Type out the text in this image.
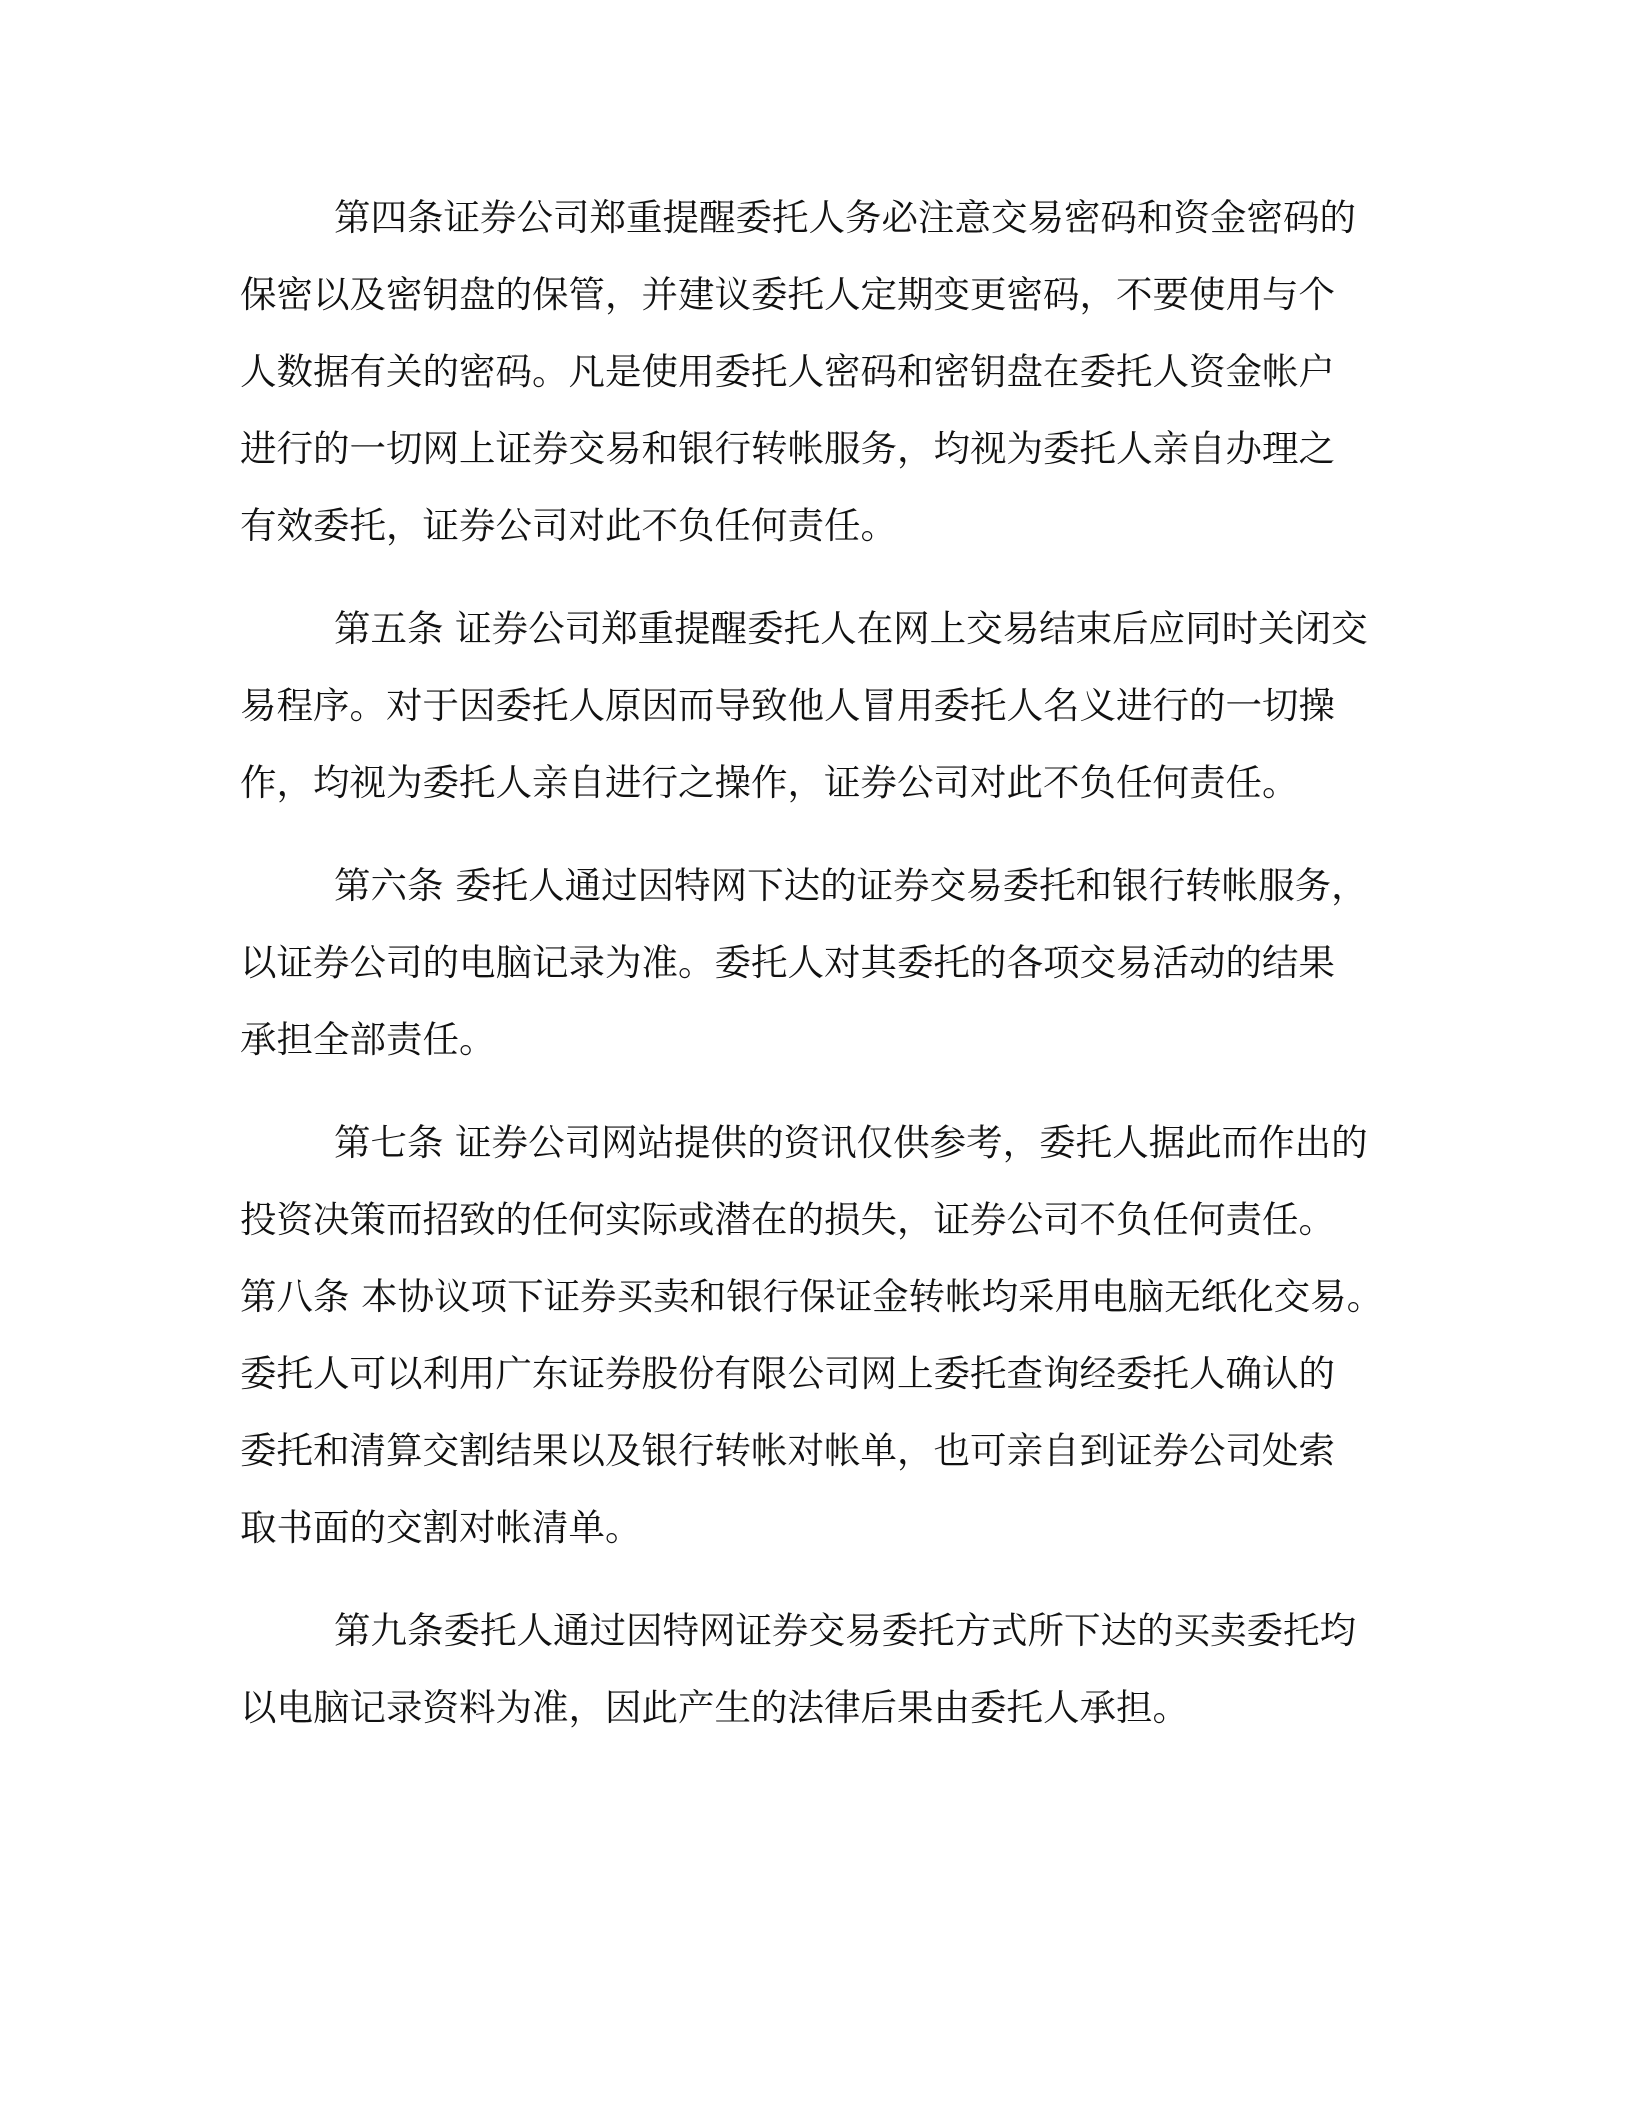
第四条证券公司郑重提醒委托人务必注意交易密码和资金密码的
保密以及密钥盘的保管，并建议委托人定期变更密码，不要使用与个
人数据有关的密码。凡是使用委托人密码和密钥盘在委托人资金帐户
进行的一切网上证券交易和银行转帐服务，均视为委托人亲自办理之
有效委托，证券公司对此不负任何责任。
第五条 证券公司郑重提醒委托人在网上交易结束后应同时关闭交
易程序。对于因委托人原因而导致他人冒用委托人名义进行的一切操
作，均视为委托人亲自进行之操作，证券公司对此不负任何责任。
第六条 委托人通过因特网下达的证券交易委托和银行转帐服务，
以证券公司的电脑记录为准。委托人对其委托的各项交易活动的结果
承担全部责任。
第七条 证券公司网站提供的资讯仅供参考，委托人据此而作出的
投资决策而招致的任何实际或潜在的损失，证券公司不负任何责任。
第八条 本协议项下证券买卖和银行保证金转帐均采用电脑无纸化交易。
委托人可以利用广东证券股份有限公司网上委托查询经委托人确认的
委托和清算交割结果以及银行转帐对帐单，也可亲自到证券公司处索
取书面的交割对帐清单。
第九条委托人通过因特网证券交易委托方式所下达的买卖委托均
以电脑记录资料为准，因此产生的法律后果由委托人承担。
